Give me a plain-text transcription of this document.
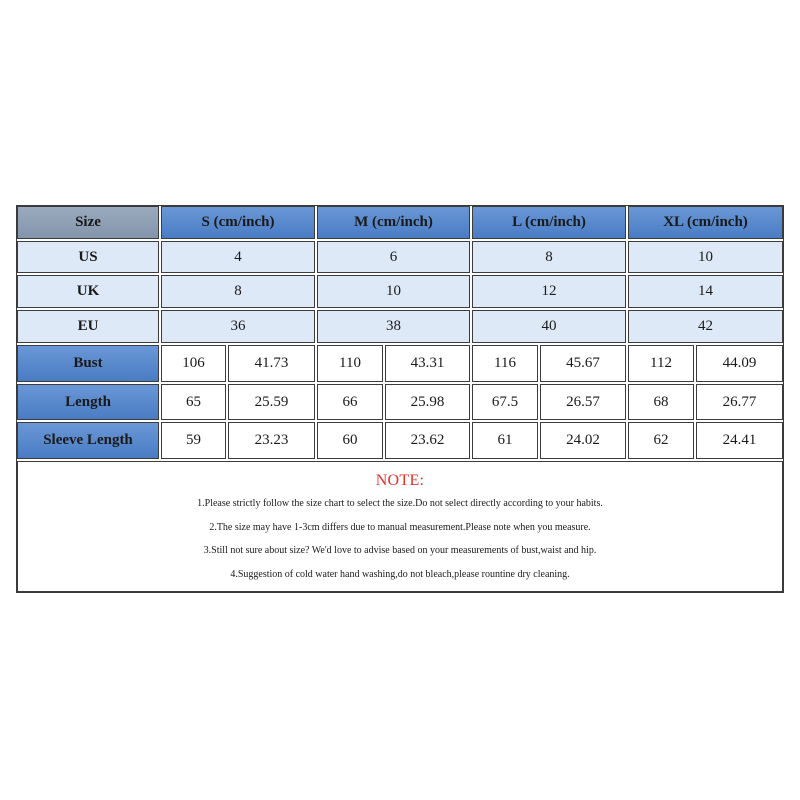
Size	S (cm/inch)	M (cm/inch)	L (cm/inch)	XL (cm/inch)
US	4	6	8	10
UK	8	10	12	14
EU	36	38	40	42
Bust	106	41.73	110	43.31	116	45.67	112	44.09
Length	65	25.59	66	25.98	67.5	26.57	68	26.77
Sleeve Length	59	23.23	60	23.62	61	24.02	62	24.41
NOTE:
1.Please strictly follow the size chart to select the size.Do not select directly according to your habits.
2.The size may have 1-3cm differs due to manual measurement.Please note when you measure.
3.Still not sure about size? We'd love to advise based on your measurements of bust,waist and hip.
4.Suggestion of cold water hand washing,do not bleach,please rountine dry cleaning.
